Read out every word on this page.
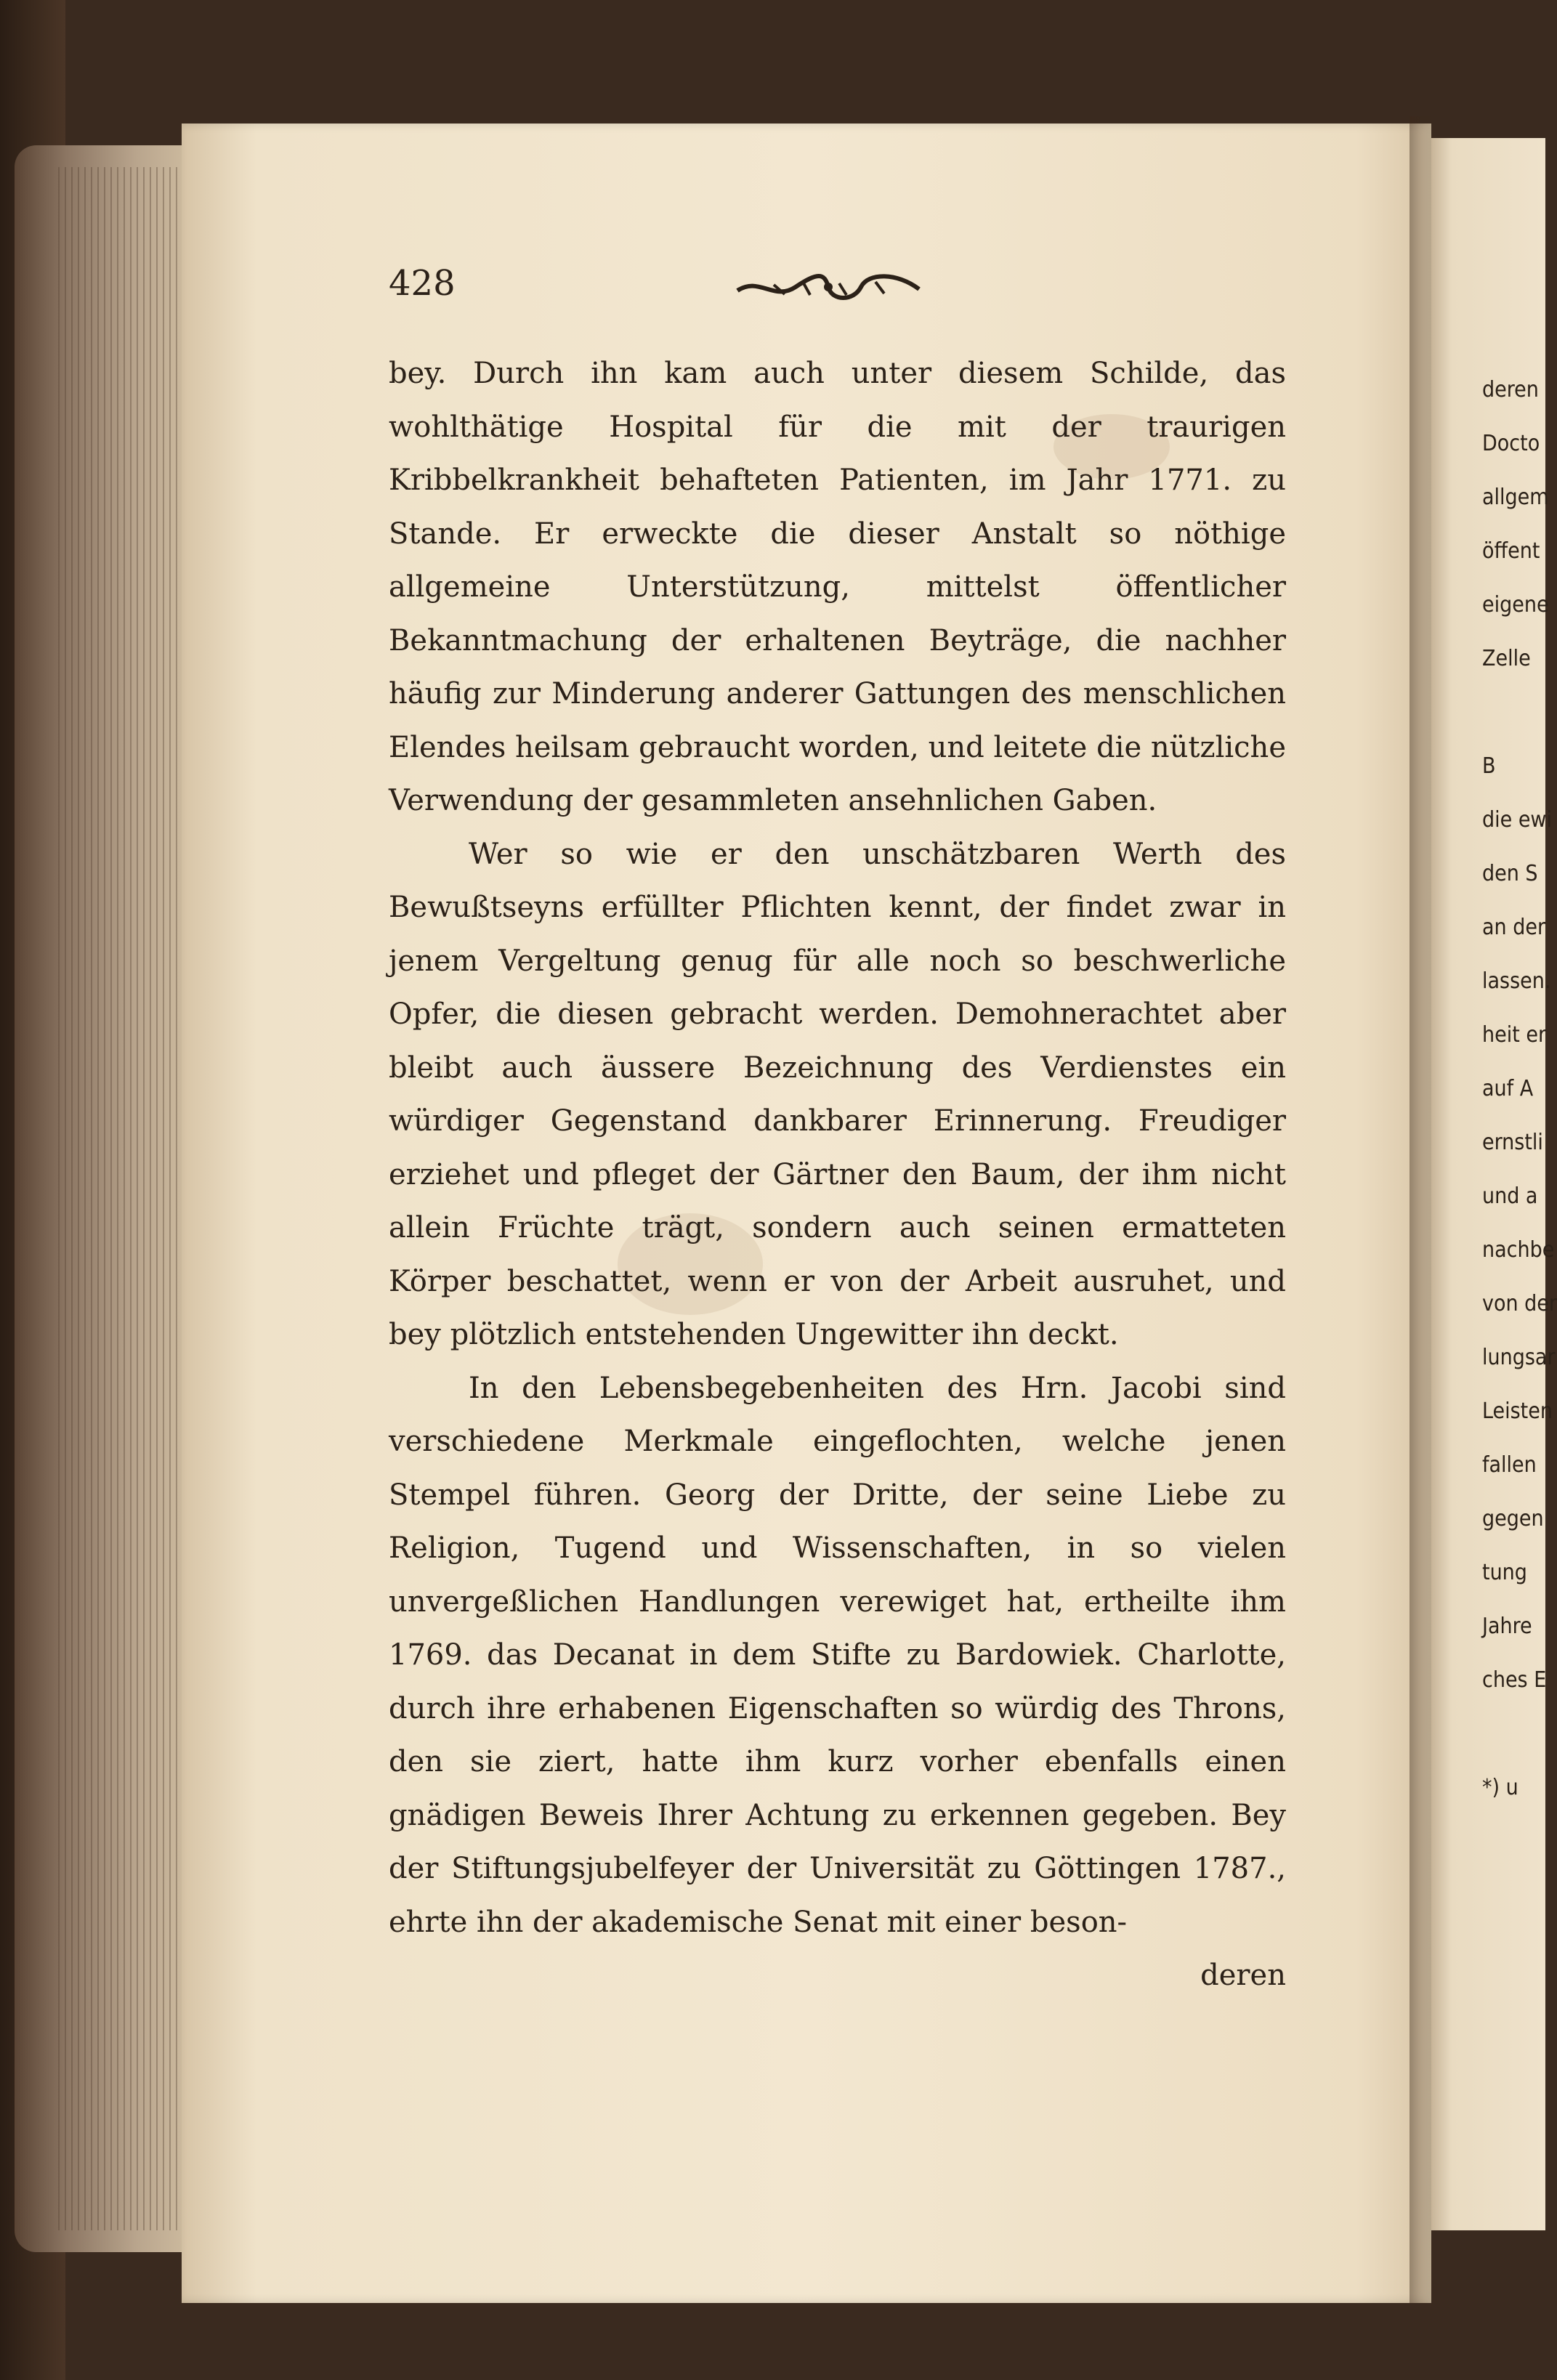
428

bey. Durch ihn kam auch unter diesem Schilde, das wohlthätige Hospital für die mit der traurigen Kribbelkrankheit behafteten Patienten, im Jahr 1771. zu Stande. Er erweckte die dieser Anstalt so nöthige allgemeine Unterstützung, mittelst öffentlicher Bekanntmachung der erhaltenen Beyträge, die nachher häufig zur Minderung anderer Gattungen des menschlichen Elendes heilsam gebraucht worden, und leitete die nützliche Verwendung der gesammleten ansehnlichen Gaben.

Wer so wie er den unschätzbaren Werth des Bewußtseyns erfüllter Pflichten kennt, der findet zwar in jenem Vergeltung genug für alle noch so beschwerliche Opfer, die diesen gebracht werden. Demohnerachtet aber bleibt auch äussere Bezeichnung des Verdienstes ein würdiger Gegenstand dankbarer Erinnerung. Freudiger erziehet und pfleget der Gärtner den Baum, der ihm nicht allein Früchte trägt, sondern auch seinen ermatteten Körper beschattet, wenn er von der Arbeit ausruhet, und bey plötzlich entstehenden Ungewitter ihn deckt.

In den Lebensbegebenheiten des Hrn. Jacobi sind verschiedene Merkmale eingeflochten, welche jenen Stempel führen. Georg der Dritte, der seine Liebe zu Religion, Tugend und Wissenschaften, in so vielen unvergeßlichen Handlungen verewiget hat, ertheilte ihm 1769. das Decanat in dem Stifte zu Bardowiek. Charlotte, durch ihre erhabenen Eigenschaften so würdig des Throns, den sie ziert, hatte ihm kurz vorher ebenfalls einen gnädigen Beweis Ihrer Achtung zu erkennen gegeben. Bey der Stiftungsjubelfeyer der Universität zu Göttingen 1787., ehrte ihn der akademische Senat mit einer beson-

deren

deren
Docto
allgem
öffent
eigene
Zelle
B
die ewi
den S
an der
lassen.
heit er
auf A
ernstli
und a
nachbe
von der
lungsar
Leisten
fallen
gegen
tung
Jahre
ches E
*) u
